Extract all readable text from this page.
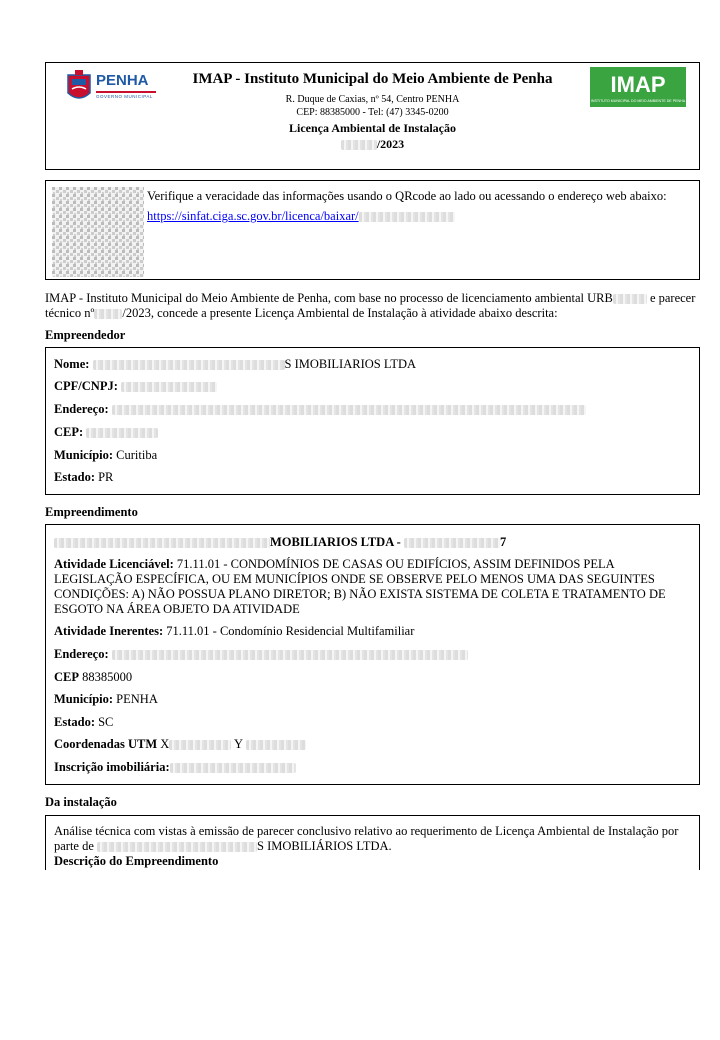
PENHA
GOVERNO MUNICIPAL
IMAP - Instituto Municipal do Meio Ambiente de Penha
R. Duque de Caxias, nº 54, Centro PENHA
CEP: 88385000 - Tel: (47) 3345-0200
Licença Ambiental de Instalação
/2023
IMAP
INSTITUTO MUNICIPAL DO MEIO AMBIENTE DE PENHA
Verifique a veracidade das informações usando o QRcode ao lado ou acessando o endereço web abaixo:

https://sinfat.ciga.sc.gov.br/licenca/baixar/
IMAP - Instituto Municipal do Meio Ambiente de Penha, com base no processo de licenciamento ambiental URB	e parecer técnico nº /2023, concede a presente Licença Ambiental de Instalação à atividade abaixo descrita:
Empreendedor
Nome:	S IMOBILIARIOS LTDA
CPF/CNPJ:
Endereço:
CEP:
Município: Curitiba
Estado: PR
Empreendimento
MOBILIARIOS LTDA -	7
Atividade Licenciável: 71.11.01 - CONDOMÍNIOS DE CASAS OU EDIFÍCIOS, ASSIM DEFINIDOS PELA LEGISLAÇÃO ESPECÍFICA, OU EM MUNICÍPIOS ONDE SE OBSERVE PELO MENOS UMA DAS SEGUINTES CONDIÇÕES: A) NÃO POSSUA PLANO DIRETOR; B) NÃO EXISTA SISTEMA DE COLETA E TRATAMENTO DE ESGOTO NA ÁREA OBJETO DA ATIVIDADE
Atividade Inerentes: 71.11.01 - Condomínio Residencial Multifamiliar
Endereço:
CEP 88385000
Município: PENHA
Estado: SC
Coordenadas UTM X	Y
Inscrição imobiliária:
Da instalação
Análise técnica com vistas à emissão de parecer conclusivo relativo ao requerimento de Licença Ambiental de Instalação por parte de	S IMOBILIÁRIOS LTDA.
Descrição do Empreendimento
